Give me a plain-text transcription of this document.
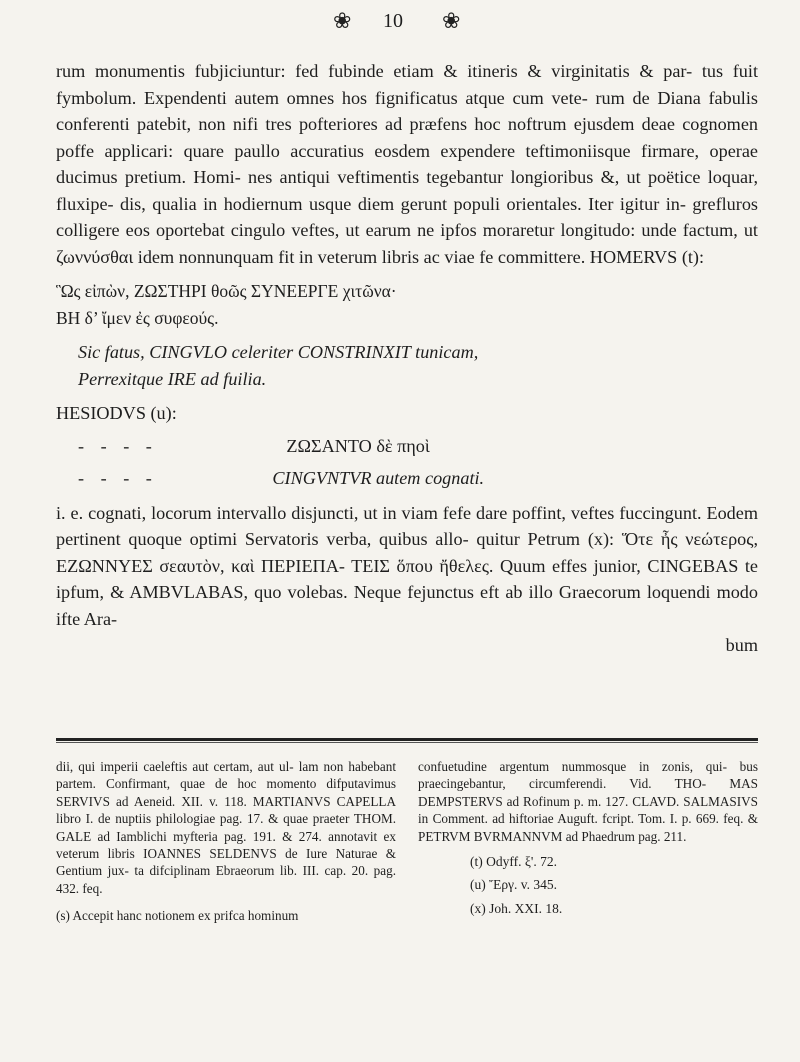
❀ 10 ❀

rum monumentis fubjiciuntur: fed fubinde etiam & itineris & virginitatis & par- tus fuit fymbolum. Expendenti autem omnes hos fignificatus atque cum vete- rum de Diana fabulis conferenti patebit, non nifi tres pofteriores ad præfens hoc noftrum ejusdem deae cognomen poffe applicari: quare paullo accuratius eosdem expendere teftimoniisque firmare, operae ducimus pretium. Homi- nes antiqui veftimentis tegebantur longioribus &, ut poëtice loquar, fluxipe- dis, qualia in hodiernum usque diem gerunt populi orientales. Iter igitur in- grefluros colligere eos oportebat cingulo veftes, ut earum ne ipfos moraretur longitudo: unde factum, ut ζωννύσθαι idem nonnunquam fit in veterum libris ac viae fe committere. HOMERVS (t):

Ὣς εἰπὼν, ΖΩΣΤΗΡΙ θοῶς ΣΥΝΕΕΡΓΕ χιτῶνα·

ΒΗ δ’ ἴμεν ἐς συφεούς.

Sic fatus, CINGVLO celeriter CONSTRINXIT tunicam,

Perrexitque IRE ad fuilia.

HESIODVS (u):

- - - -	ΖΩΣΑΝΤΟ δὲ πηοὶ

- - - -	CINGVNTVR autem cognati.

i. e. cognati, locorum intervallo disjuncti, ut in viam fefe dare poffint, veftes fuccingunt. Eodem pertinent quoque optimi Servatoris verba, quibus allo- quitur Petrum (x): Ὅτε ἦς νεώτερος, ΕΖΩΝΝΥΕΣ σεαυτὸν, καὶ ΠΕΡΙΕΠΑ- ΤΕΙΣ ὅπου ἤθελες. Quum effes junior, CINGEBAS te ipfum, & AMBVLABAS, quo volebas. Neque fejunctus eft ab illo Graecorum loquendi modo ifte Ara-

bum

dii, qui imperii caeleftis aut certam, aut ul- lam non habebant partem. Confirmant, quae de hoc momento difputavimus SERVIVS ad Aeneid. XII. v. 118. MARTIANVS CAPELLA libro I. de nuptiis philologiae pag. 17. & quae praeter THOM. GALE ad Iamblichi myfteria pag. 191. & 274. annotavit ex veterum libris IOANNES SELDENVS de Iure Naturae & Gentium jux- ta difciplinam Ebraeorum lib. III. cap. 20. pag. 432. feq.

(s) Accepit hanc notionem ex prifca hominum

confuetudine argentum nummosque in zonis, qui- bus praecingebantur, circumferendi. Vid. THO- MAS DEMPSTERVS ad Rofinum p. m. 127. CLAVD. SALMASIVS in Comment. ad hiftoriae Auguft. fcript. Tom. I. p. 669. feq. & PETRVM BVRMANNVM ad Phaedrum pag. 211.

(t) Odyff. ξ'. 72.

(u) Ἔργ. v. 345.

(x) Joh. XXI. 18.
